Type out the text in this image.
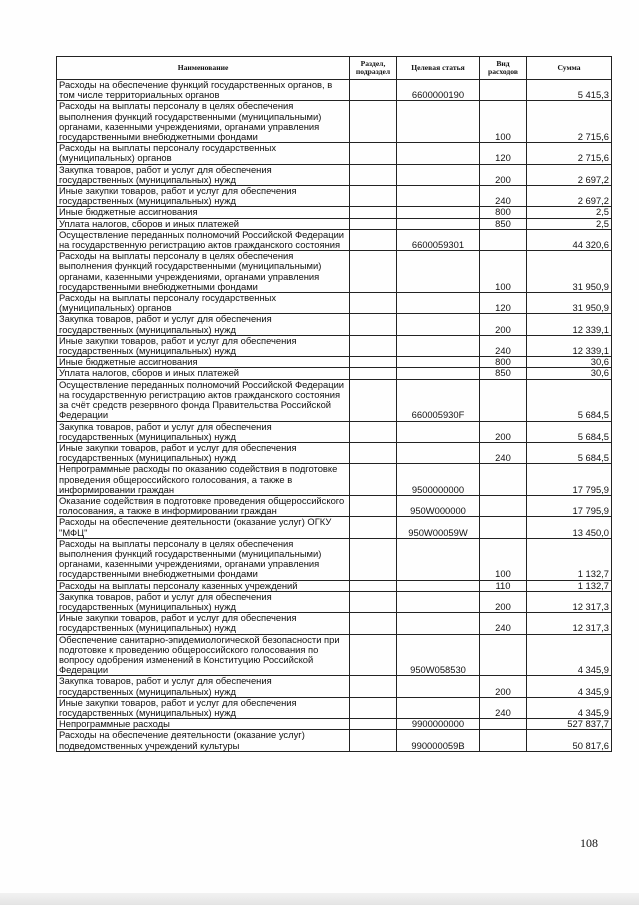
Наименование	Раздел, подраздел	Целевая статья	Вид расходов	Сумма
Расходы на обеспечение функций государственных органов, в том числе территориальных органов		6600000190		5 415,3
Расходы на выплаты персоналу в целях обеспечения выполнения функций государственными (муниципальными) органами, казенными учреждениями, органами управления государственными внебюджетными фондами			100	2 715,6
Расходы на выплаты персоналу государственных (муниципальных) органов			120	2 715,6
Закупка товаров, работ и услуг для обеспечения государственных (муниципальных) нужд			200	2 697,2
Иные закупки товаров, работ и услуг для обеспечения государственных (муниципальных) нужд			240	2 697,2
Иные бюджетные ассигнования			800	2,5
Уплата налогов, сборов и иных платежей			850	2,5
Осуществление переданных полномочий Российской Федерации на государственную регистрацию актов гражданского состояния		6600059301		44 320,6
Расходы на выплаты персоналу в целях обеспечения выполнения функций государственными (муниципальными) органами, казенными учреждениями, органами управления государственными внебюджетными фондами			100	31 950,9
Расходы на выплаты персоналу государственных (муниципальных) органов			120	31 950,9
Закупка товаров, работ и услуг для обеспечения государственных (муниципальных) нужд			200	12 339,1
Иные закупки товаров, работ и услуг для обеспечения государственных (муниципальных) нужд			240	12 339,1
Иные бюджетные ассигнования			800	30,6
Уплата налогов, сборов и иных платежей			850	30,6
Осуществление переданных полномочий Российской Федерации на государственную регистрацию актов гражданского состояния за счёт средств резервного фонда Правительства Российской Федерации		660005930F		5 684,5
Закупка товаров, работ и услуг для обеспечения государственных (муниципальных) нужд			200	5 684,5
Иные закупки товаров, работ и услуг для обеспечения государственных (муниципальных) нужд			240	5 684,5
Непрограммные расходы по оказанию содействия в подготовке проведения общероссийского голосования, а также в информировании граждан		9500000000		17 795,9
Оказание содействия в подготовке проведения общероссийского голосования, а также в информировании граждан		950W000000		17 795,9
Расходы на обеспечение деятельности (оказание услуг) ОГКУ "МФЦ"		950W00059W		13 450,0
Расходы на выплаты персоналу в целях обеспечения выполнения функций государственными (муниципальными) органами, казенными учреждениями, органами управления государственными внебюджетными фондами			100	1 132,7
Расходы на выплаты персоналу казенных учреждений			110	1 132,7
Закупка товаров, работ и услуг для обеспечения государственных (муниципальных) нужд			200	12 317,3
Иные закупки товаров, работ и услуг для обеспечения государственных (муниципальных) нужд			240	12 317,3
Обеспечение санитарно-эпидемиологической безопасности при подготовке к проведению общероссийского голосования по вопросу одобрения изменений в Конституцию Российской Федерации		950W058530		4 345,9
Закупка товаров, работ и услуг для обеспечения государственных (муниципальных) нужд			200	4 345,9
Иные закупки товаров, работ и услуг для обеспечения государственных (муниципальных) нужд			240	4 345,9
Непрограммные расходы		9900000000		527 837,7
Расходы на обеспечение деятельности (оказание услуг) подведомственных учреждений культуры		990000059В		50 817,6
108
